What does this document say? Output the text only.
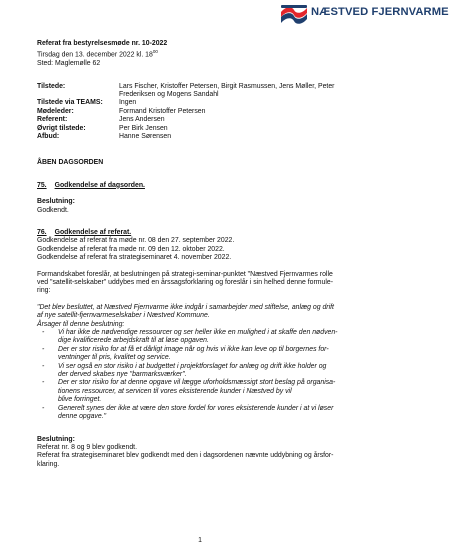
NÆSTVED FJERNVARME

Referat fra bestyrelsesmøde nr. 10-2022

Tirsdag den 13. december 2022 kl. $18^{00}$

Sted: Maglemølle 62

Tilstede:	Lars Fischer, Kristoffer Petersen, Birgit Rasmussen, Jens Møller, Peter Frederiksen og Mogens Sandahl
Tilstede via TEAMS:	Ingen
Mødeleder:	Formand Kristoffer Petersen
Referent:	Jens Andersen
Øvrigt tilstede:	Per Birk Jensen
Afbud:	Hanne Sørensen

ÅBEN DAGSORDEN

75. Godkendelse af dagsorden.

Beslutning:

Godkendt.

76. Godkendelse af referat.

Godkendelse af referat fra møde nr. 08 den 27. september 2022.

Godkendelse af referat fra møde nr. 09 den 12. oktober 2022.

Godkendelse af referat fra strategiseminaret 4. november 2022.

Formandskabet foreslår, at beslutningen på strategi-seminar-punktet "Næstved Fjernvarmes rolle

ved "satellit-selskaber" uddybes med en årssagsforklaring og foreslår i sin helhed denne formule-

ring:

"Det blev besluttet, at Næstved Fjernvarme ikke indgår i samarbejder med stiftelse, anlæg og drift

af nye satellit-fjernvarmeselskaber i Næstved Kommune.

Årsager til denne beslutning:

-	Vi har ikke de nødvendige ressourcer og ser heller ikke en mulighed i at skaffe den nødven-
dige kvalificerede arbejdskraft til at løse opgaven.
-	Der er stor risiko for at få et dårligt image når og hvis vi ikke kan leve op til borgernes for-
ventninger til pris, kvalitet og service.
-	Vi ser også en stor risiko i at budgettet i projektforslaget for anlæg og drift ikke holder og
der derved skabes nye "barmarksværker".
-	Der er stor risiko for at denne opgave vil lægge uforholdsmæssigt stort beslag på organisa-
tionens ressourcer, at servicen til vores eksisterende kunder i Næstved by vil
blive forringet.
-	Generelt synes der ikke at være den store fordel for vores eksisterende kunder i at vi løser
denne opgave."

Beslutning:

Referat nr. 8 og 9 blev godkendt.

Referat fra strategiseminaret blev godkendt med den i dagsordenen nævnte uddybning og årsfor-

klaring.

1
